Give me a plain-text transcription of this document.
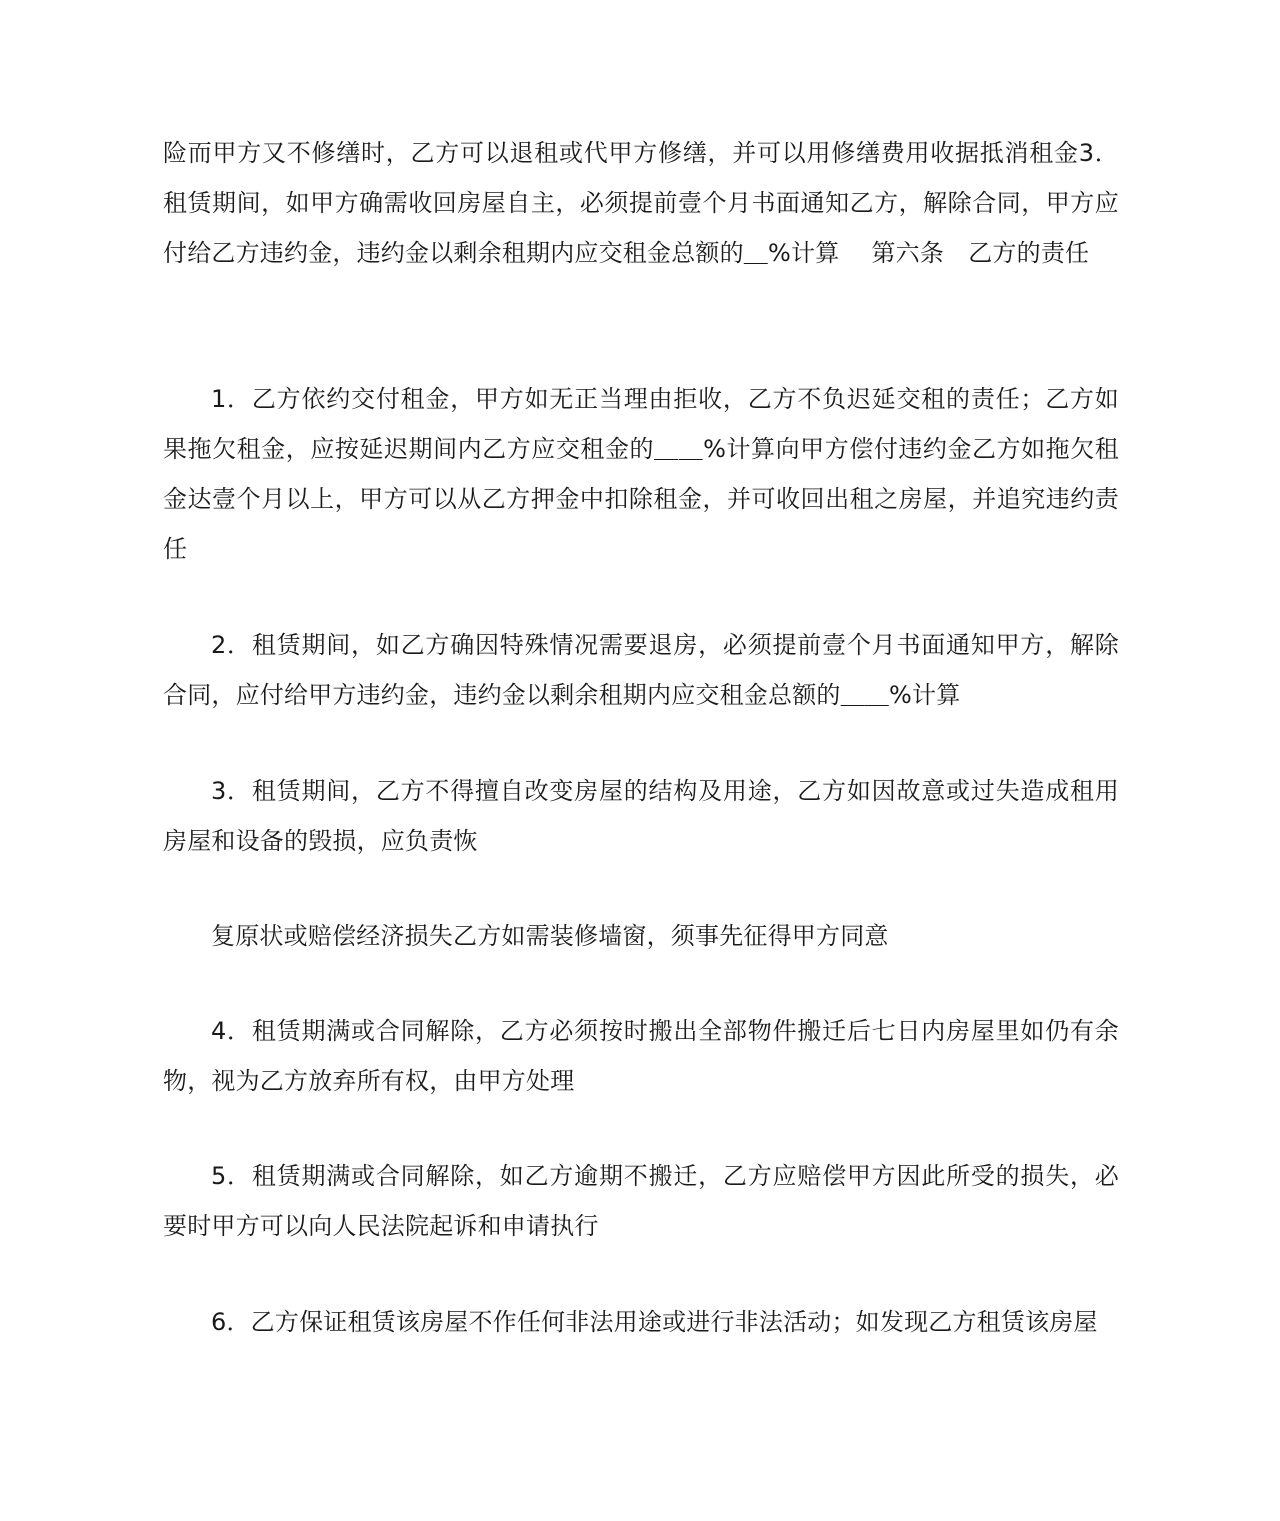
险而甲方又不修缮时，乙方可以退租或代甲方修缮，并可以用修缮费用收据抵消租金3．租赁期间，如甲方确需收回房屋自主，必须提前壹个月书面通知乙方，解除合同，甲方应付给乙方违约金，违约金以剩余租期内应交租金总额的＿%计算　 第六条　乙方的责任

1．乙方依约交付租金，甲方如无正当理由拒收，乙方不负迟延交租的责任；乙方如果拖欠租金，应按延迟期间内乙方应交租金的＿＿%计算向甲方偿付违约金乙方如拖欠租金达壹个月以上，甲方可以从乙方押金中扣除租金，并可收回出租之房屋，并追究违约责任

2．租赁期间，如乙方确因特殊情况需要退房，必须提前壹个月书面通知甲方，解除合同，应付给甲方违约金，违约金以剩余租期内应交租金总额的＿＿%计算

3．租赁期间，乙方不得擅自改变房屋的结构及用途，乙方如因故意或过失造成租用房屋和设备的毁损，应负责恢

复原状或赔偿经济损失乙方如需装修墙窗，须事先征得甲方同意

4．租赁期满或合同解除，乙方必须按时搬出全部物件搬迁后七日内房屋里如仍有余物，视为乙方放弃所有权，由甲方处理

5．租赁期满或合同解除，如乙方逾期不搬迁，乙方应赔偿甲方因此所受的损失，必要时甲方可以向人民法院起诉和申请执行

6．乙方保证租赁该房屋不作任何非法用途或进行非法活动；如发现乙方租赁该房屋
